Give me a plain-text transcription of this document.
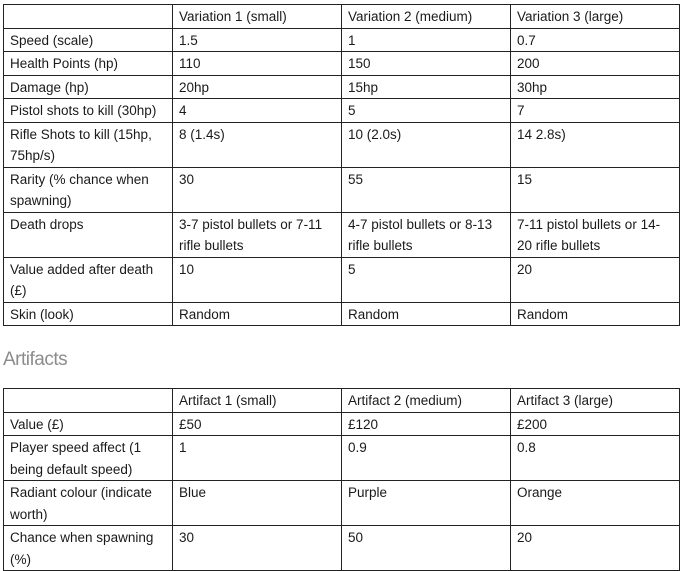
	Variation 1 (small)	Variation 2 (medium)	Variation 3 (large)
Speed (scale)	1.5	1	0.7
Health Points (hp)	110	150	200
Damage (hp)	20hp	15hp	30hp
Pistol shots to kill (30hp)	4	5	7
Rifle Shots to kill (15hp, 75hp/s)	8 (1.4s)	10 (2.0s)	14 2.8s)
Rarity (% chance when spawning)	30	55	15
Death drops	3-7 pistol bullets or 7-11 rifle bullets	4-7 pistol bullets or 8-13 rifle bullets	7-11 pistol bullets or 14-20 rifle bullets
Value added after death (£)	10	5	20
Skin (look)	Random	Random	Random
Artifacts
	Artifact 1 (small)	Artifact 2 (medium)	Artifact 3 (large)
Value (£)	£50	£120	£200
Player speed affect (1 being default speed)	1	0.9	0.8
Radiant colour (indicate worth)	Blue	Purple	Orange
Chance when spawning (%)	30	50	20
